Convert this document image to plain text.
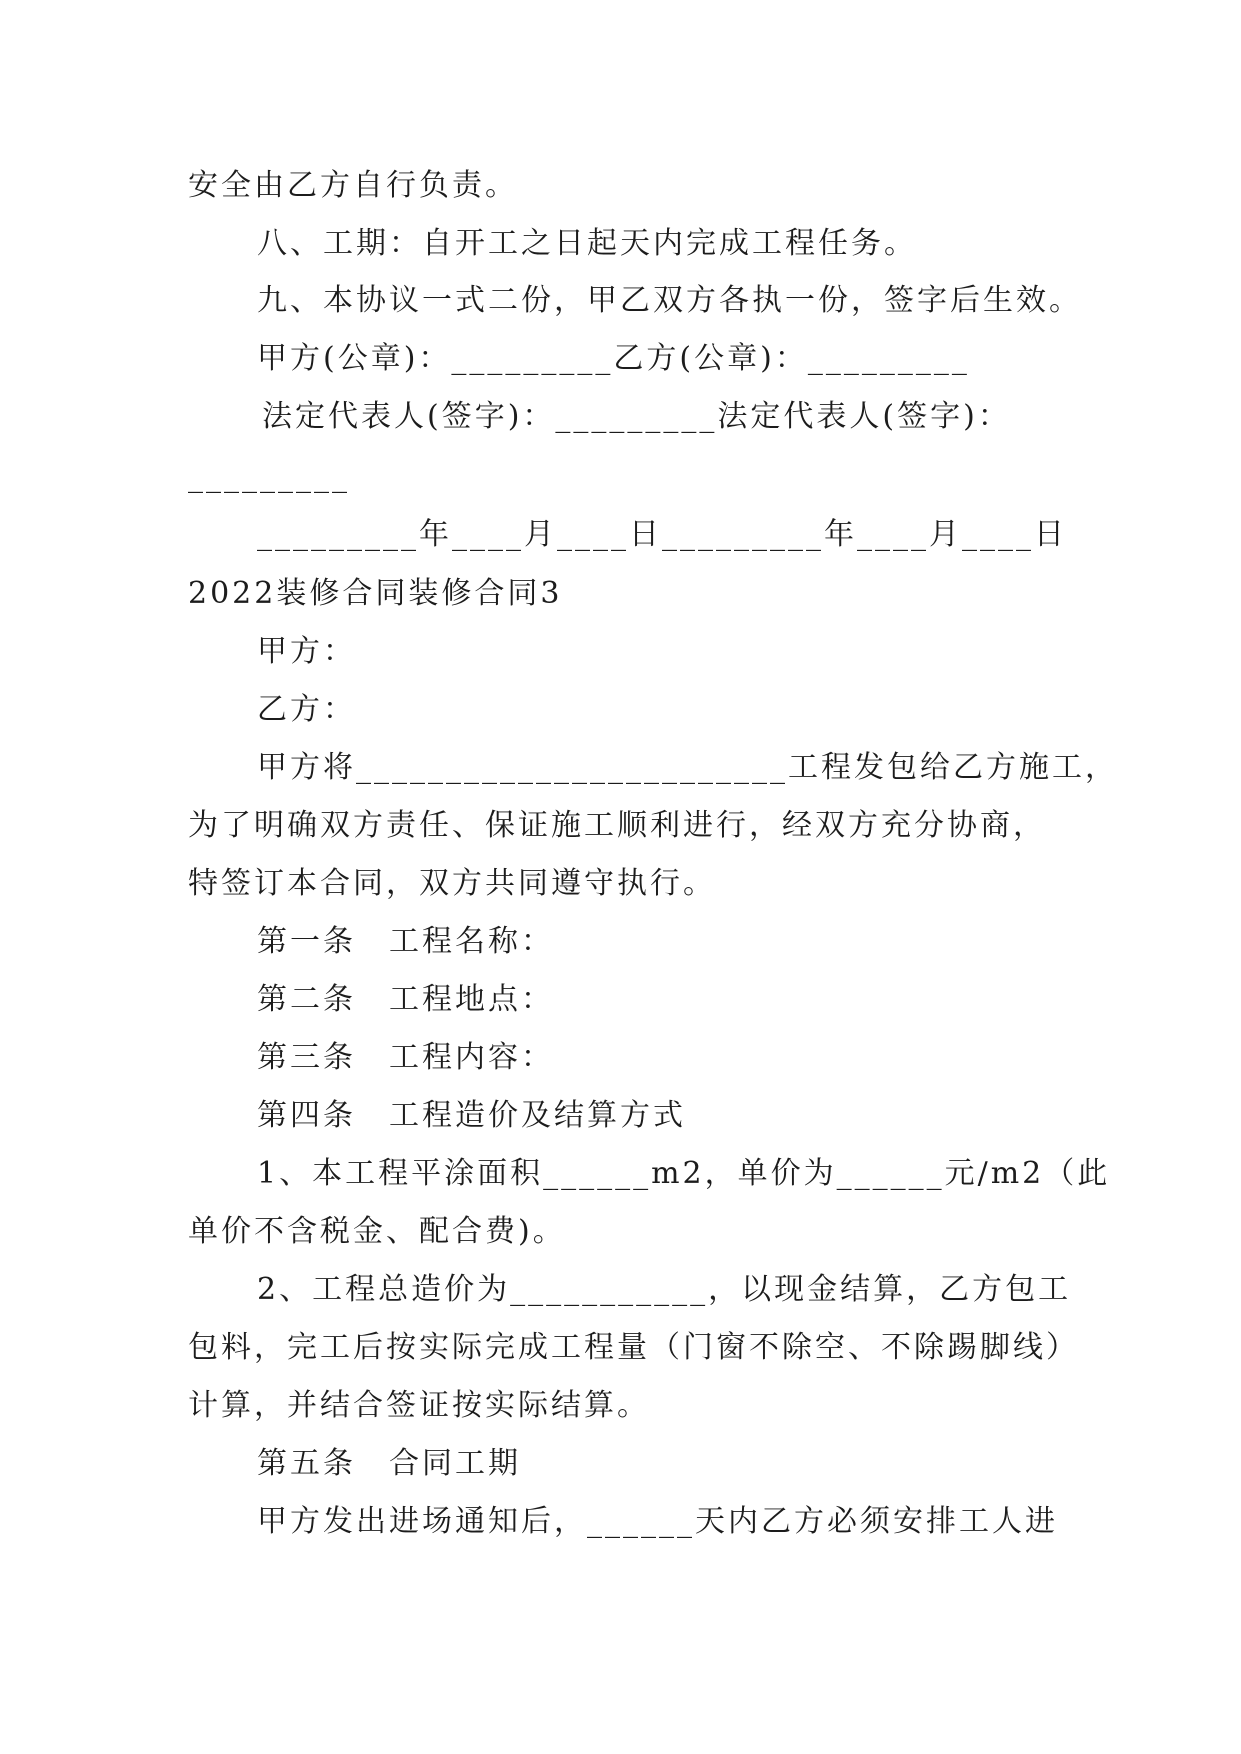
安全由乙方自行负责。
八、工期：自开工之日起天内完成工程任务。
九、本协议一式二份，甲乙双方各执一份，签字后生效。
甲方(公章)：_________乙方(公章)：_________
法定代表人(签字)：_________法定代表人(签字)：
_________
_________年____月____日_________年____月____日
2022装修合同装修合同3
甲方：
乙方：
甲方将________________________工程发包给乙方施工，
为了明确双方责任、保证施工顺利进行，经双方充分协商，
特签订本合同，双方共同遵守执行。
第一条　工程名称：
第二条　工程地点：
第三条　工程内容：
第四条　工程造价及结算方式
1、本工程平涂面积______m2，单价为______元/m2（此
单价不含税金、配合费)。
2、工程总造价为___________，以现金结算，乙方包工
包料，完工后按实际完成工程量（门窗不除空、不除踢脚线）
计算，并结合签证按实际结算。
第五条　合同工期
甲方发出进场通知后，______天内乙方必须安排工人进
